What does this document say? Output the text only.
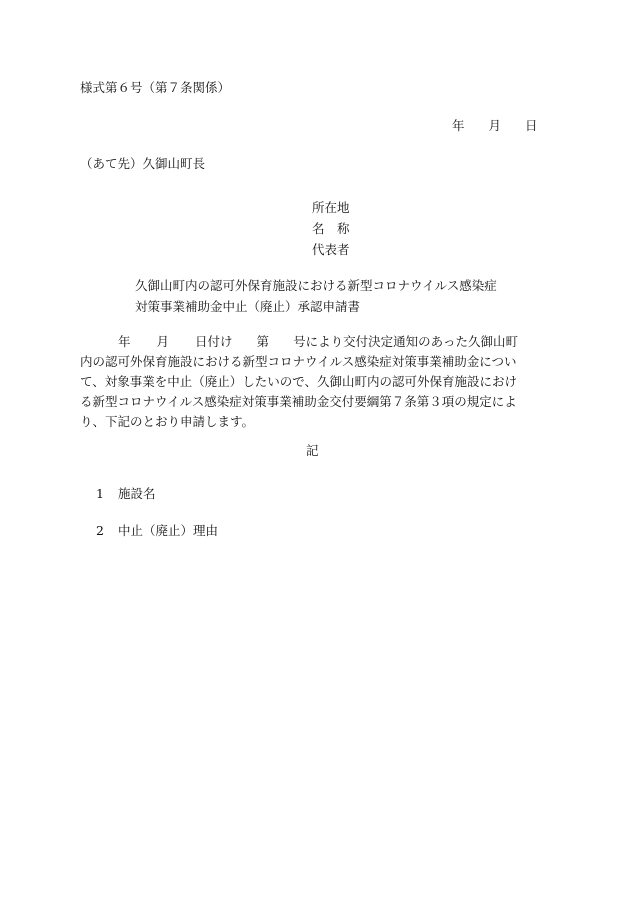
様式第６号（第７条関係）
年 月 日
（あて先）久御山町長
所在地
名　称
代表者
久御山町内の認可外保育施設における新型コロナウイルス感染症
対策事業補助金中止（廃止）承認申請書
年 月 日付け 第 号により交付決定通知のあった久御山町
内の認可外保育施設における新型コロナウイルス感染症対策事業補助金につい
て、対象事業を中止（廃止）したいので、久御山町内の認可外保育施設におけ
る新型コロナウイルス感染症対策事業補助金交付要綱第７条第３項の規定によ
り、下記のとおり申請します。
記
1 施設名
2 中止（廃止）理由
